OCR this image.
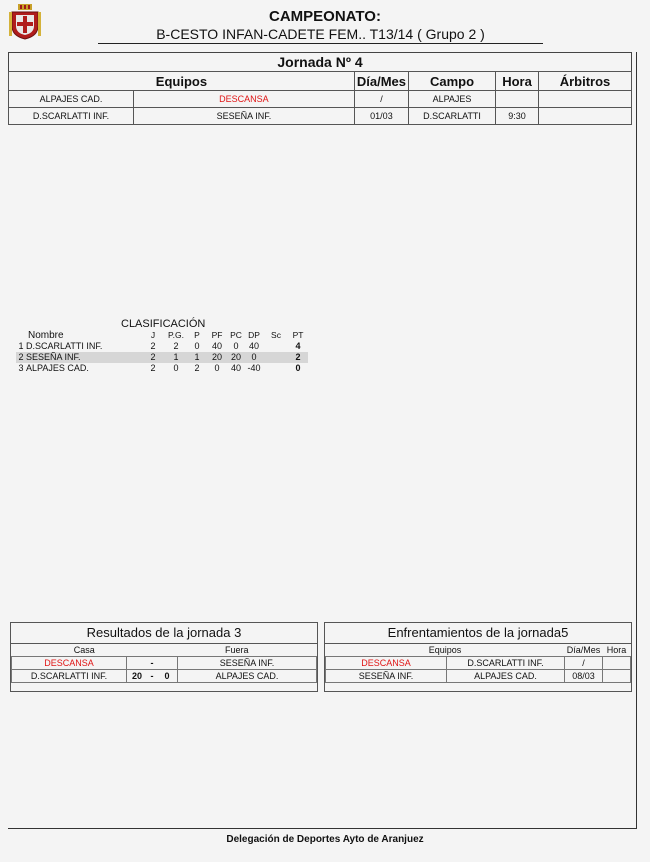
CAMPEONATO:
B-CESTO INFAN-CADETE FEM.. T13/14 ( Grupo 2 )
Jornada Nº 4
Equipos		Día/Mes	Campo	Hora	Árbitros
ALPAJES CAD.	DESCANSA	/	ALPAJES		
D.SCARLATTI INF.	SESEÑA INF.	01/03	D.SCARLATTI	9:30	
CLASIFICACIÓN
Nombre		J	P.G.	P	PF	PC	DP	Sc	PT
1	D.SCARLATTI INF.	2	2	0	40	0	40		4
2	SESEÑA INF.	2	1	1	20	20	0		2
3	ALPAJES CAD.	2	0	2	0	40	-40		0
Resultados de la jornada 3
Casa			Fuera	
DESCANSA		-		SESEÑA INF.
D.SCARLATTI INF.	20	-	0	ALPAJES CAD.
Enfrentamientos de la jornada5
Equipos		Día/Mes	Hora
DESCANSA	D.SCARLATTI INF.	/	
SESEÑA INF.	ALPAJES CAD.	08/03	
Delegación de Deportes Ayto de Aranjuez
